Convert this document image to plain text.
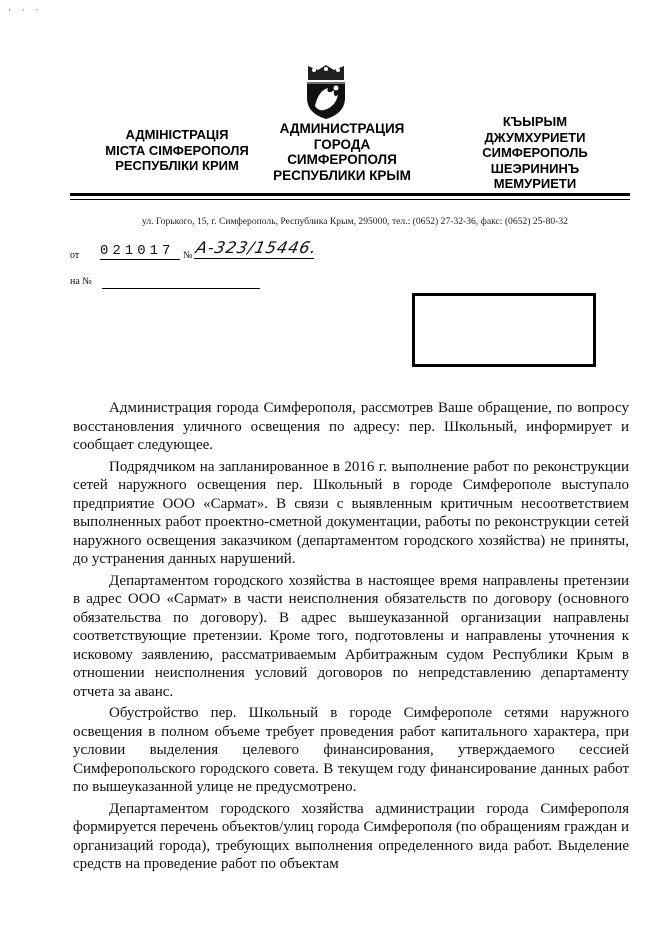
· · ·
АДМІНІСТРАЦІЯ
МІСТА СІМФЕРОПОЛЯ
РЕСПУБЛІКИ КРИМ
АДМИНИСТРАЦИЯ
ГОРОДА
СИМФЕРОПОЛЯ
РЕСПУБЛИКИ КРЫМ
КЪЫРЫМ
ДЖУМХУРИЕТИ
СИМФЕРОПОЛЬ
ШЕЭРИНИНЪ
МЕМУРИЕТИ
ул. Горького, 15, г. Симферополь, Республика Крым, 295000, тел.: (0652) 27-32-36, факс: (0652) 25-80-32
от 021017 № А-323/15446.
на №

Администрация города Симферополя, рассмотрев Ваше обращение, по вопросу восстановления уличного освещения по адресу: пер. Школьный, информирует и сообщает следующее.

Подрядчиком на запланированное в 2016 г. выполнение работ по реконструкции сетей наружного освещения пер. Школьный в городе Симферополе выступало предприятие ООО «Сармат». В связи с выявленным критичным несоответствием выполненных работ проектно-сметной документации, работы по реконструкции сетей наружного освещения заказчиком (департаментом городского хозяйства) не приняты, до устранения данных нарушений.

Департаментом городского хозяйства в настоящее время направлены претензии в адрес ООО «Сармат» в части неисполнения обязательств по договору (основного обязательства по договору). В адрес вышеуказанной организации направлены соответствующие претензии. Кроме того, подготовлены и направлены уточнения к исковому заявлению, рассматриваемым Арбитражным судом Республики Крым в отношении неисполнения условий договоров по непредставлению департаменту отчета за аванс.

Обустройство пер. Школьный в городе Симферополе сетями наружного освещения в полном объеме требует проведения работ капитального характера, при условии выделения целевого финансирования, утверждаемого сессией Симферопольского городского совета. В текущем году финансирование данных работ по вышеуказанной улице не предусмотрено.

Департаментом городского хозяйства администрации города Симферополя формируется перечень объектов/улиц города Симферополя (по обращениям граждан и организаций города), требующих выполнения определенного вида работ. Выделение средств на проведение работ по объектам
